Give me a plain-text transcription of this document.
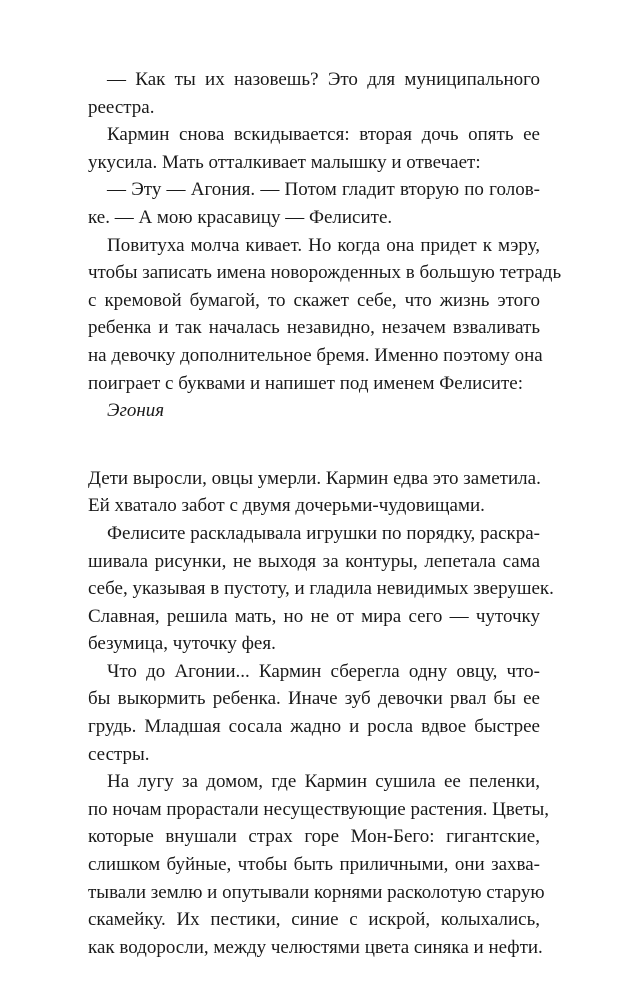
— Как ты их назовешь? Это для муниципального
реестра.
Кармин снова вскидывается: вторая дочь опять ее
укусила. Мать отталкивает малышку и отвечает:
— Эту — Агония. — Потом гладит вторую по голов-
ке. — А мою красавицу — Фелисите.
Повитуха молча кивает. Но когда она придет к мэру,
чтобы записать имена новорожденных в большую тетрадь
с кремовой бумагой, то скажет себе, что жизнь этого
ребенка и так началась незавидно, незачем взваливать
на девочку дополнительное бремя. Именно поэтому она
поиграет с буквами и напишет под именем Фелисите:
Эгония
Дети выросли, овцы умерли. Кармин едва это заметила.
Ей хватало забот с двумя дочерьми-чудовищами.
Фелисите раскладывала игрушки по порядку, раскра-
шивала рисунки, не выходя за контуры, лепетала сама
себе, указывая в пустоту, и гладила невидимых зверушек.
Славная, решила мать, но не от мира сего — чуточку
безумица, чуточку фея.
Что до Агонии... Кармин сберегла одну овцу, что-
бы выкормить ребенка. Иначе зуб девочки рвал бы ее
грудь. Младшая сосала жадно и росла вдвое быстрее
сестры.
На лугу за домом, где Кармин сушила ее пеленки,
по ночам прорастали несуществующие растения. Цветы,
которые внушали страх горе Мон-Бего: гигантские,
слишком буйные, чтобы быть приличными, они захва-
тывали землю и опутывали корнями расколотую старую
скамейку. Их пестики, синие с искрой, колыхались,
как водоросли, между челюстями цвета синяка и нефти.
